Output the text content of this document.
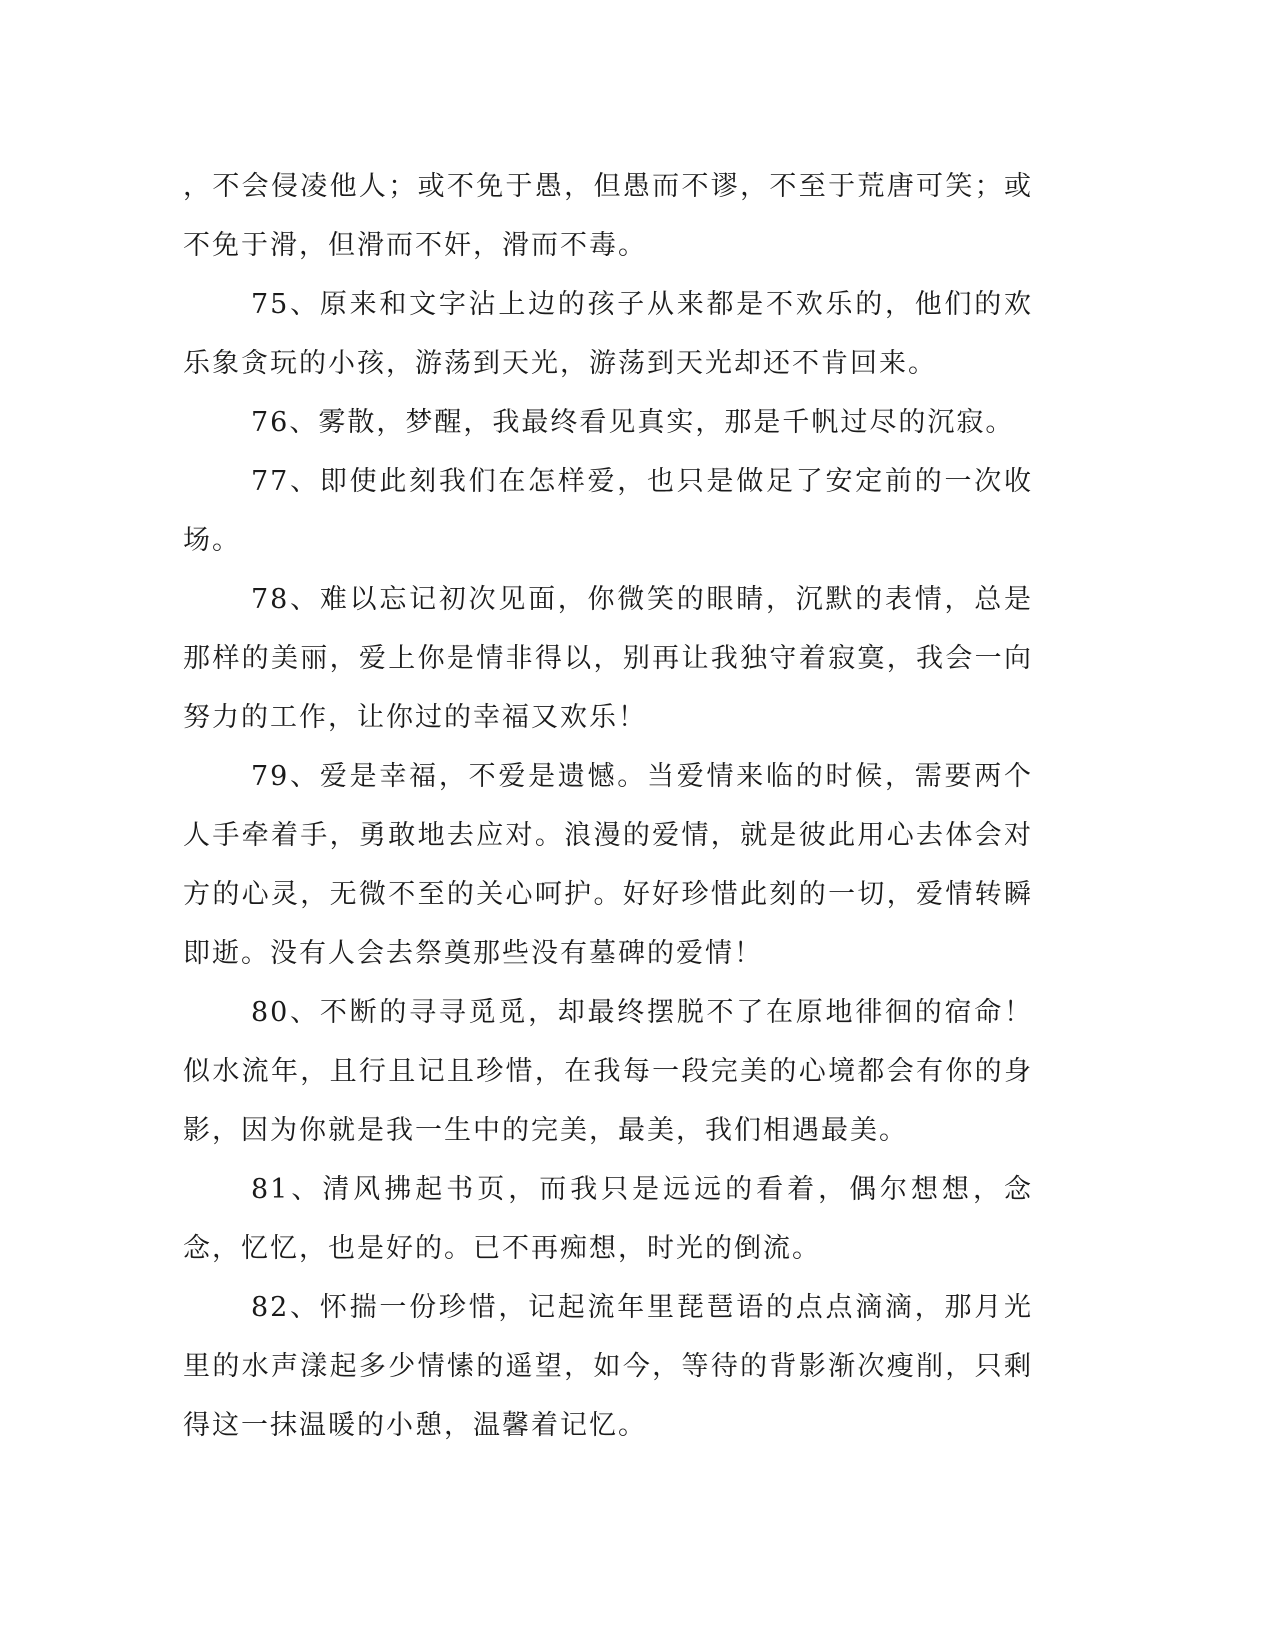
，不会侵凌他人；或不免于愚，但愚而不谬，不至于荒唐可笑；或不免于滑，但滑而不奸，滑而不毒。

75、原来和文字沾上边的孩子从来都是不欢乐的，他们的欢乐象贪玩的小孩，游荡到天光，游荡到天光却还不肯回来。

76、雾散，梦醒，我最终看见真实，那是千帆过尽的沉寂。

77、即使此刻我们在怎样爱，也只是做足了安定前的一次收场。

78、难以忘记初次见面，你微笑的眼睛，沉默的表情，总是那样的美丽，爱上你是情非得以，别再让我独守着寂寞，我会一向努力的工作，让你过的幸福又欢乐！

79、爱是幸福，不爱是遗憾。当爱情来临的时候，需要两个人手牵着手，勇敢地去应对。浪漫的爱情，就是彼此用心去体会对方的心灵，无微不至的关心呵护。好好珍惜此刻的一切，爱情转瞬即逝。没有人会去祭奠那些没有墓碑的爱情！

80、不断的寻寻觅觅，却最终摆脱不了在原地徘徊的宿命！似水流年，且行且记且珍惜，在我每一段完美的心境都会有你的身影，因为你就是我一生中的完美，最美，我们相遇最美。

81、清风拂起书页，而我只是远远的看着，偶尔想想，念念，忆忆，也是好的。已不再痴想，时光的倒流。

82、怀揣一份珍惜，记起流年里琵琶语的点点滴滴，那月光里的水声漾起多少情愫的遥望，如今，等待的背影渐次瘦削，只剩得这一抹温暖的小憩，温馨着记忆。
